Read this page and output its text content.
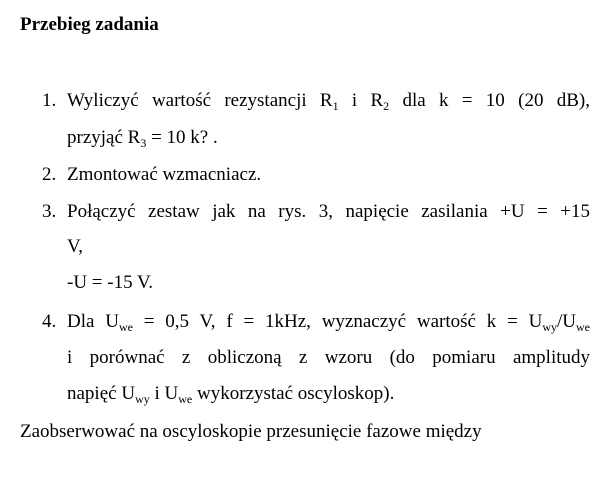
Przebieg zadania
1. Wyliczyć wartość rezystancji $R_1$ i $R_2$ dla k = 10 (20 dB),
przyjąć $R_3 = 10$ k? .
2. Zmontować wzmacniacz.
3. Połączyć zestaw jak na rys. 3, napięcie zasilania +U = +15
V,
-U = -15 V.
4. Dla $U_{we} = 0,5$ V, f = 1kHz, wyznaczyć wartość $k = U_{wy}/U_{we}$
i porównać z obliczoną z wzoru (do pomiaru amplitudy
napięć $U_{wy}$ i $U_{we}$ wykorzystać oscyloskop).
Zaobserwować na oscyloskopie przesunięcie fazowe między
